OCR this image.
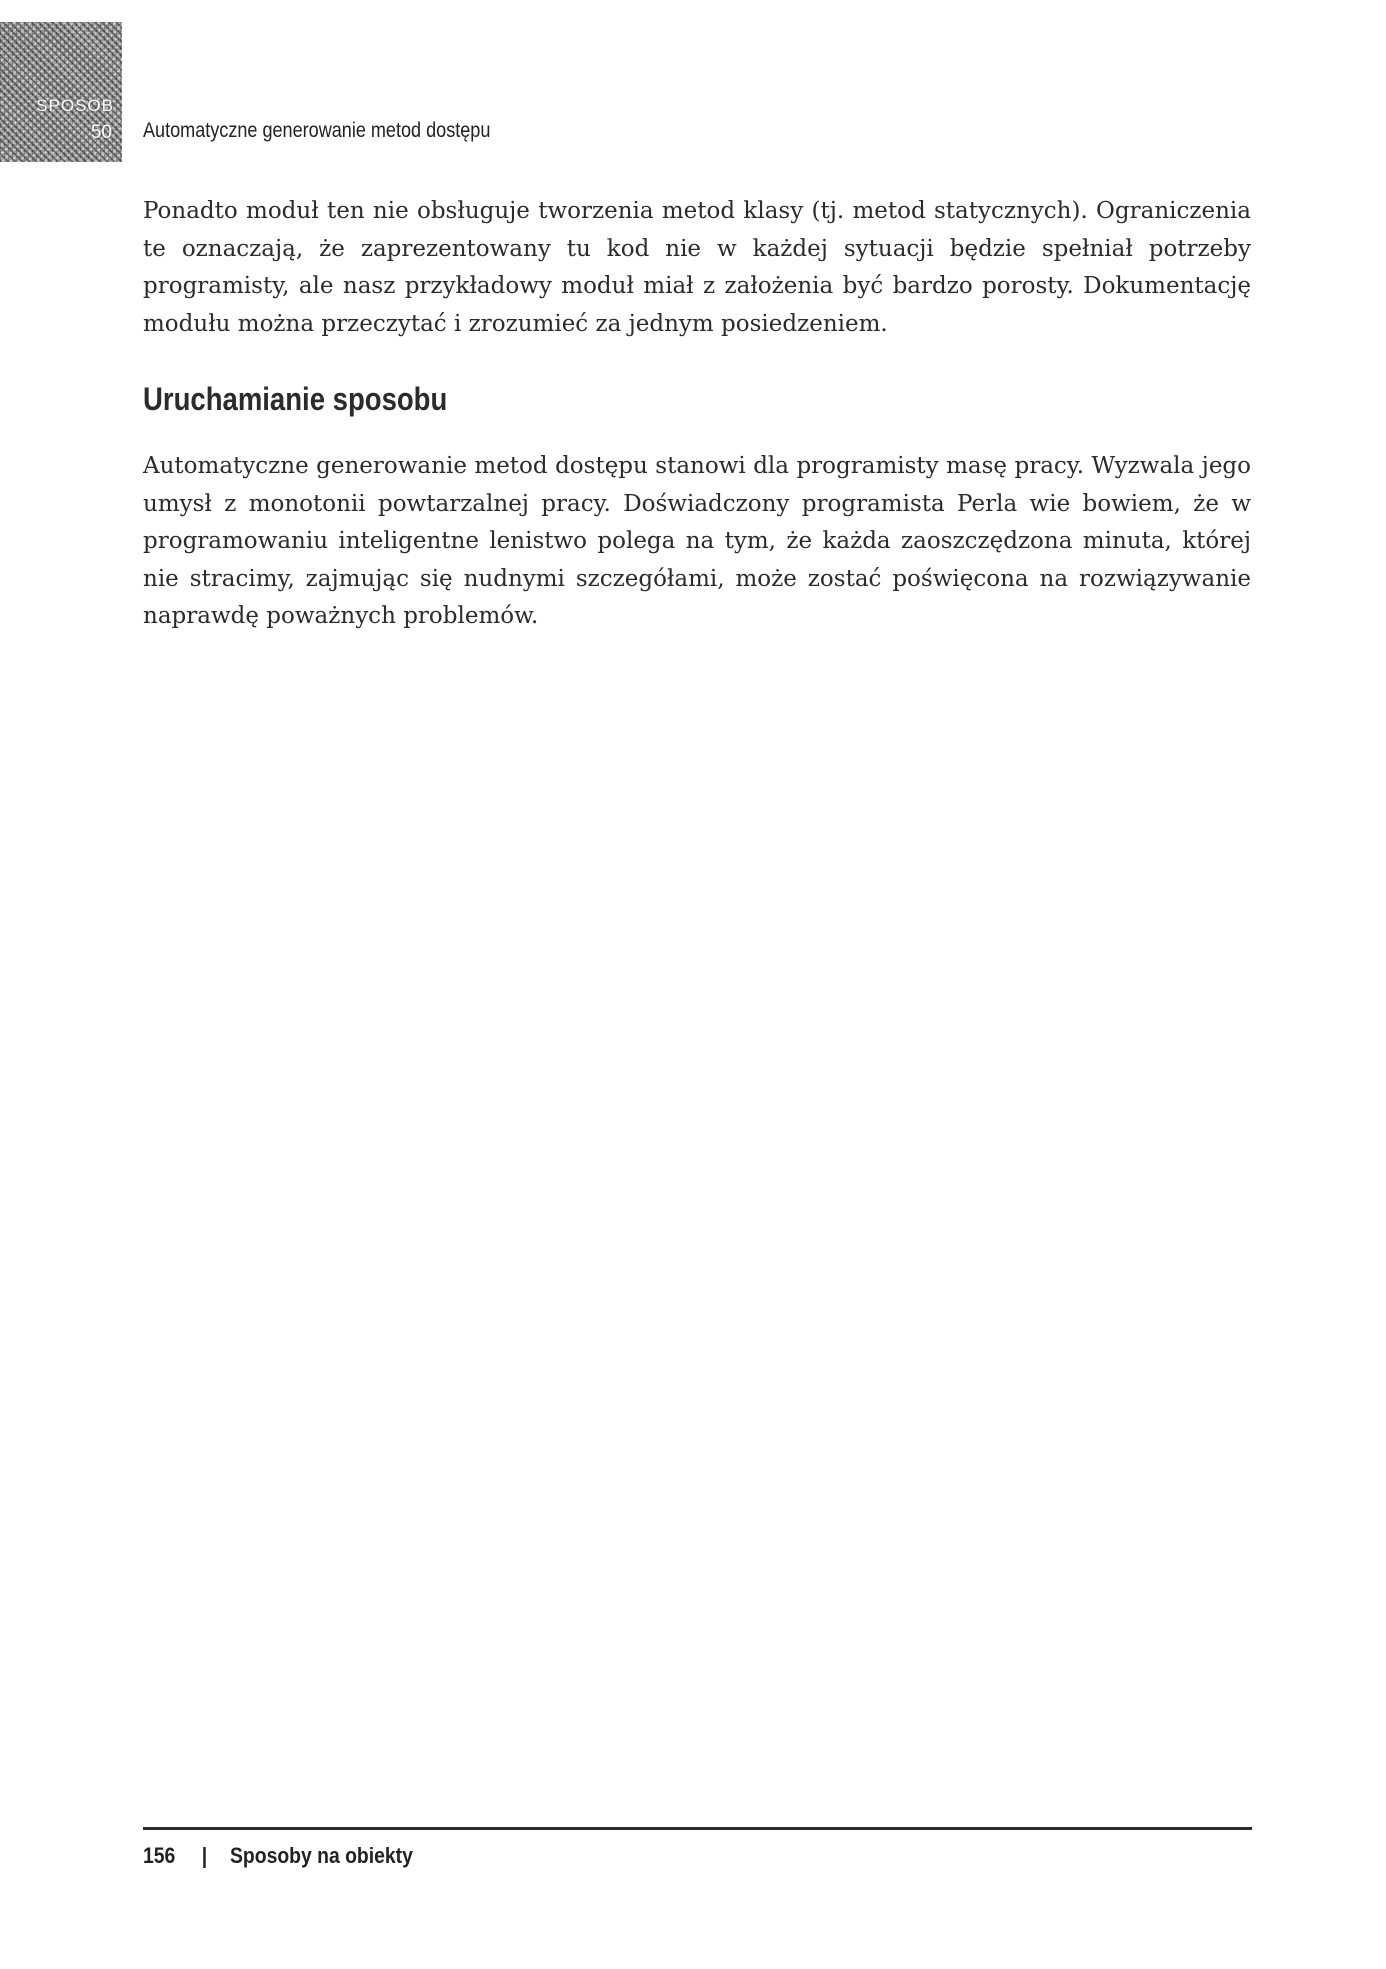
SPOSOB
50 Automatyczne generowanie metod dostępu

Ponadto moduł ten nie obsługuje tworzenia metod klasy (tj. metod statycznych). Ograniczenia te oznaczają, że zaprezentowany tu kod nie w każdej sytuacji będzie spełniał potrzeby programisty, ale nasz przykładowy moduł miał z założenia być bardzo porosty. Dokumentację modułu można przeczytać i zrozumieć za jednym posiedzeniem.

Uruchamianie sposobu

Automatyczne generowanie metod dostępu stanowi dla programisty masę pracy. Wyzwala jego umysł z monotonii powtarzalnej pracy. Doświadczony programista Perla wie bowiem, że w programowaniu inteligentne lenistwo polega na tym, że każda zaoszczędzona minuta, której nie stracimy, zajmując się nudnymi szczegółami, może zostać poświęcona na rozwiązywanie naprawdę poważnych problemów.

156 | Sposoby na obiekty
